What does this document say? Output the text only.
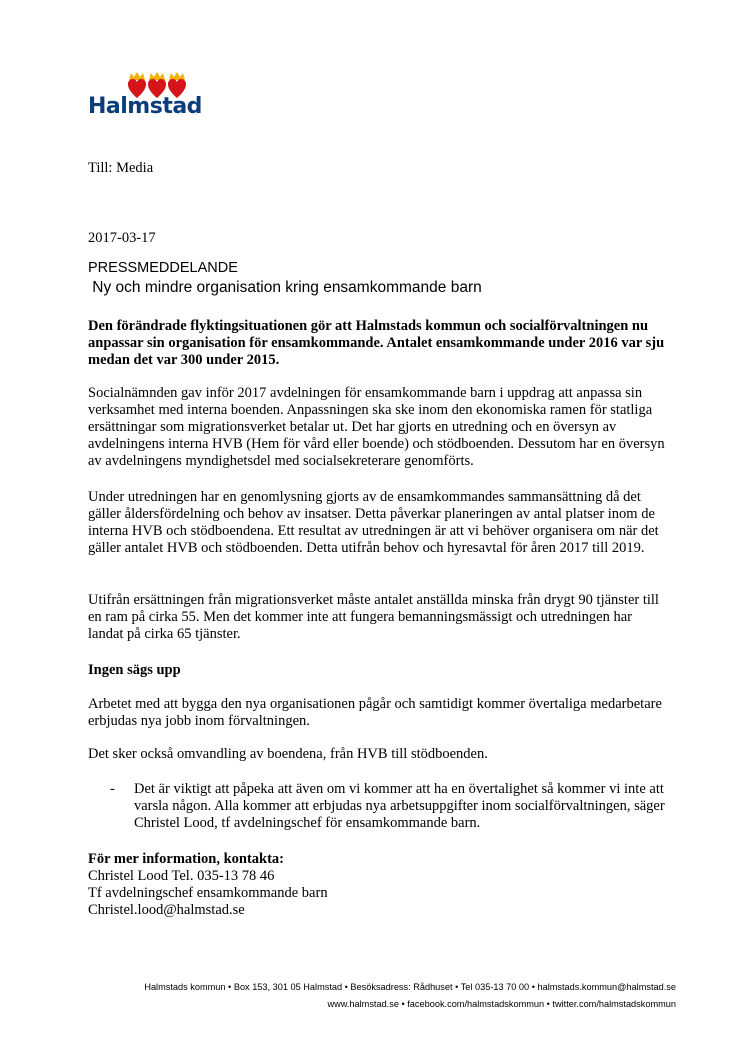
Halmstad

Till: Media

2017-03-17

PRESSMEDDELANDE

Ny och mindre organisation kring ensamkommande barn

Den förändrade flyktingsituationen gör att Halmstads kommun och socialförvaltningen nu anpassar sin organisation för ensamkommande. Antalet ensamkommande under 2016 var sju medan det var 300 under 2015.

Socialnämnden gav inför 2017 avdelningen för ensamkommande barn i uppdrag att anpassa sin verksamhet med interna boenden. Anpassningen ska ske inom den ekonomiska ramen för statliga ersättningar som migrationsverket betalar ut. Det har gjorts en utredning och en översyn av avdelningens interna HVB (Hem för vård eller boende) och stödboenden. Dessutom har en översyn av avdelningens myndighetsdel med socialsekreterare genomförts.

Under utredningen har en genomlysning gjorts av de ensamkommandes sammansättning då det gäller åldersfördelning och behov av insatser. Detta påverkar planeringen av antal platser inom de interna HVB och stödboendena. Ett resultat av utredningen är att vi behöver organisera om när det gäller antalet HVB och stödboenden. Detta utifrån behov och hyresavtal för åren 2017 till 2019.

Utifrån ersättningen från migrationsverket måste antalet anställda minska från drygt 90 tjänster till en ram på cirka 55. Men det kommer inte att fungera bemanningsmässigt och utredningen har landat på cirka 65 tjänster.

Ingen sägs upp

Arbetet med att bygga den nya organisationen pågår och samtidigt kommer övertaliga medarbetare erbjudas nya jobb inom förvaltningen.

Det sker också omvandling av boendena, från HVB till stödboenden.

- Det är viktigt att påpeka att även om vi kommer att ha en övertalighet så kommer vi inte att varsla någon. Alla kommer att erbjudas nya arbetsuppgifter inom socialförvaltningen, säger Christel Lood, tf avdelningschef för ensamkommande barn.

För mer information, kontakta:

Christel Lood Tel. 035-13 78 46

Tf avdelningschef ensamkommande barn

Christel.lood@halmstad.se

Halmstads kommun • Box 153, 301 05 Halmstad • Besöksadress: Rådhuset • Tel 035-13 70 00 • halmstads.kommun@halmstad.se
www.halmstad.se • facebook.com/halmstadskommun • twitter.com/halmstadskommun
